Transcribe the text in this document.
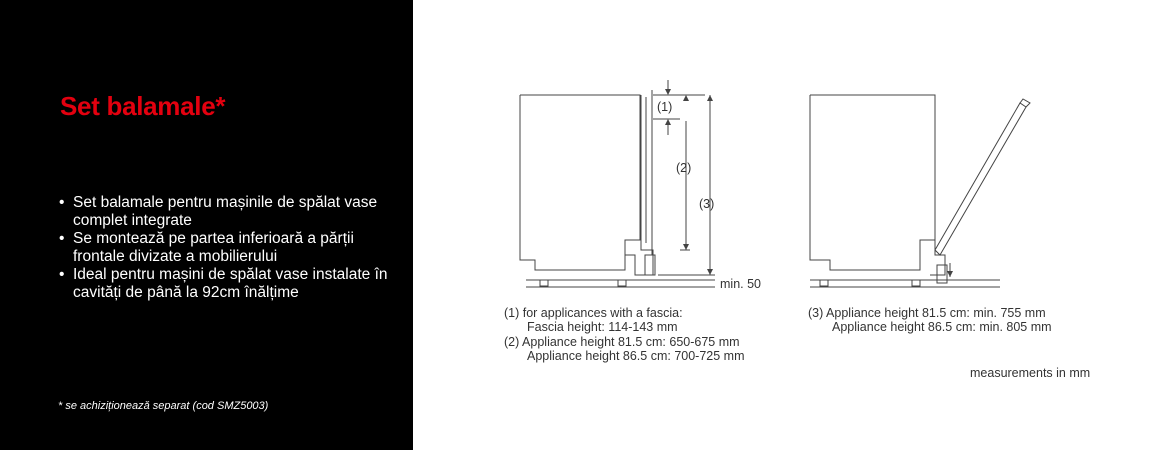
Set balamale*
• Set balamale pentru mașinile de spălat vase complet integrate
• Se montează pe partea inferioară a părții frontale divizate a mobilierului
• Ideal pentru mașini de spălat vase instalate în cavități de până la 92cm înălțime
* se achiziționează separat (cod SMZ5003)
(1)
(2)
(3)
min. 50
(1) for applicances with a fascia:
Fascia height: 114-143 mm
(2) Appliance height 81.5 cm: 650-675 mm
Appliance height 86.5 cm: 700-725 mm
(3) Appliance height 81.5 cm: min. 755 mm
Appliance height 86.5 cm: min. 805 mm
measurements in mm
